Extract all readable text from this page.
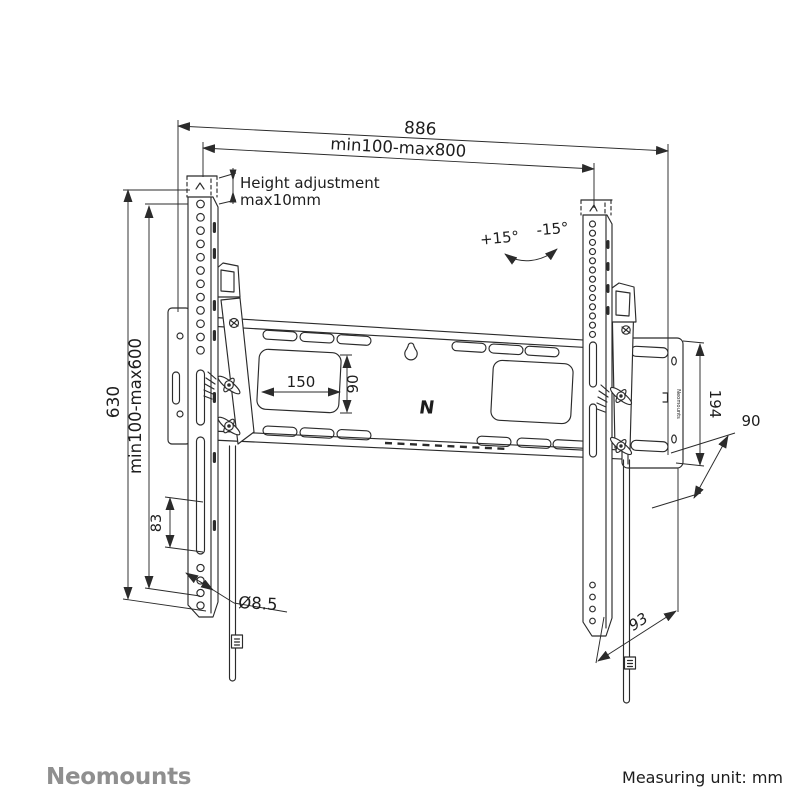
N	Neomounts
886
min100-max800
Height adjustment
max10mm
630 min100-max600
83
Ø8.5
150 90
+15° -15°
194
90
93
Neomounts	Measuring unit: mm
